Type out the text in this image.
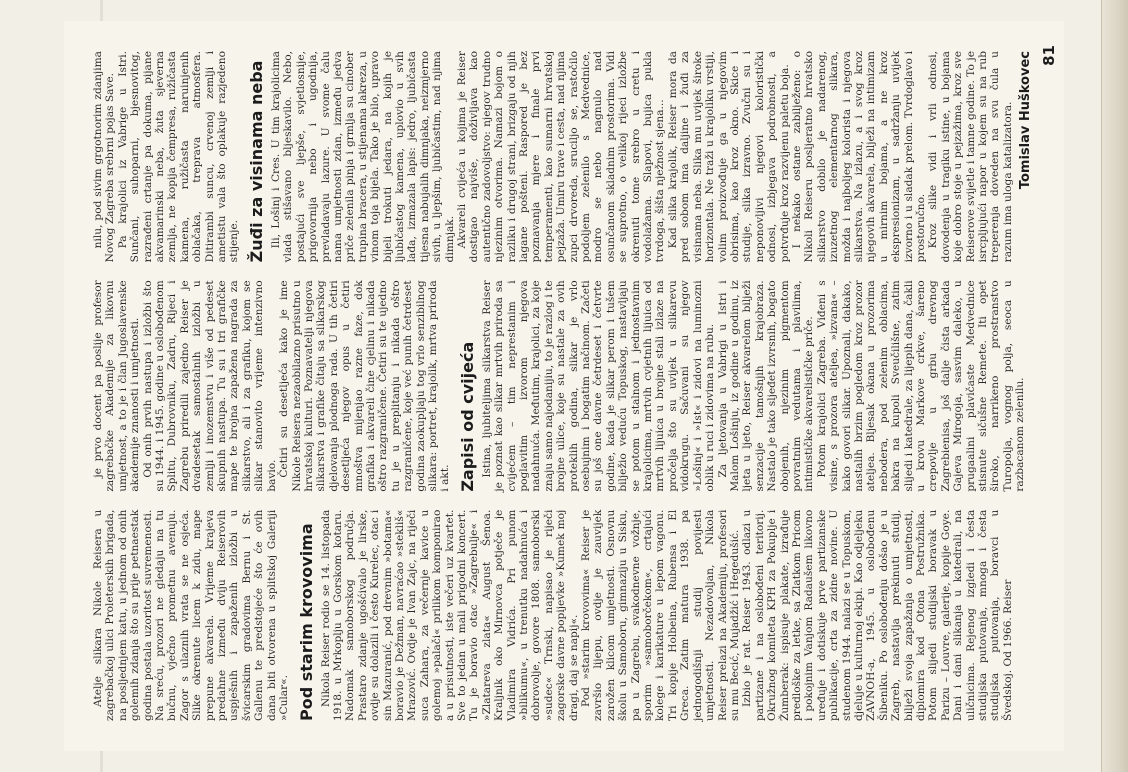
Atelje slikara Nikole Reisera u zagrebačkoj ulici Proleterskih brigada, na posljednjem katu, u jednom od onih golemih zdanja što su prije petnaestak godina postala uzoritost suvremenosti. Na sreću, prozori ne gledaju na tu bučnu, vječno prometnu avenuju. Zagor s ulaznih vrata se ne osjeća. Slike okrenute licem k zidu, mape prepune akvarela. Vrijeme krajeva predahne između dviju Reiserovih uspješnih i zapaženih izložbi u švicarskim gradovima Bernu i St. Gallenu te predstojeće što će ovih dana biti otvorena u splitskoj Galeriji »Cular«. Pod starim krovovima Nikola Reiser rodio se 14. listopada 1918. u Mrkoplju u Gorskom kotaru. Nadomak samoborskog područja. Prastaro zdanje ugošćivalo je lirske, ovdje su dolazili i često Kurelec, otac i sin Mazuranić, pod drevnim »botama« boravio je Dežman, navraćao »stekliš« Mrazović. Ovdje je Ivan Zajc, na riječi suca Zahara, za večernje kavice u golemoj »palači« prilikom komponirao a u prisutnosti, iste večeri uz kvartet. Sve to jedan u mali prigodni koncert. Tu je boravio otac »Zagrebulje« i »Zlatareva zlata« August Šenoa. Kraljnik oko Mirnovca potječe je Vladimira Vidrića. Pri punom »bilikumu«, u trenutku nadahnuća i dobrovolje, govore 1808. samoborski »sudec« Trnski, napisao je riječi zagorske davne popijevke »Kumek moj dragi, daj se napij«. Pod »starim krovovima« Reiser je završio lijepu, ovdje je zauvijek zarožen klicom umjetnosti. Osnovnu školu u Samoboru, gimnaziju u Sisku, pa u Zagrebu, svakodnevne vožnje, sporim »samoborčekom«, crtajući kolege i karikature u lepom vagonu. Tri kopije Holbeina, Rubensa i El Greca. Zatim matura 1938. pa jednogodišnji studij povijesti umjetnosti. Nezadovoljan, Nikola Reiser prelazi na Akademiju, profesori su mu Becić, Mujadžić i Hegedušić. Izbio je rat. Reiser 1943. odlazi u partizane i na oslobođeni teritorij. Okružnog komiteta KPH za Pokuplje i Žumberak: ispisuje plakate, izrađuje predloške za letke, sa Zlatkom Pricom i pokojnim Vanjom Radaušem likovno uređuje i dotiskuje prve partizanske publikacije, crta za zidne novine. U studenom 1944. nalazi se u Topuskom, djeluje u kulturnoj ekipi. Kao odjeljeku ZAVNOH-a, 1945. u oslobođenu Šibeniku. Po oslobođenju došao je u Zagreb, nastavlja prekinuti studij, bilježi svoja zapažanja o umjetnosti, diplomira kod Otona Postružnika. Potom slijedi studijski boravak u Parizu – Louvre, galerije, kopije Goye. Dani i dani slikanja u katedrali, na uličnicima. Rejenog izgledi i česta studijska putovanja, mnoga i česta studijska putovanja, boravci u Švedskoj. Od 1966. Reiser

je prvo docent pa poslije profesor zagrebačke Akademije za likovnu umjetnost, a to je i član Jugoslavenske akademije znanosti i umjetnosti. Od onih prvih nastupa i izložbi što su 1944. i 1945. godine u oslobođenom Splitu, Dubrovniku, Zadru, Rijeci i Zagrebu priredili zajedno Reiser je dvadesetak samostalnih izložbi u zemlji i inozemstvu i više od pedeset skupnih nastupa. Tu su i tri grafičke mape te brojna zapažena nagrada za slikarstvo, ali i za grafiku, kojom se slikar stanovito vrijeme intenzivno bavio. Četiri su desetljeća kako je ime Nikole Reisera nezaobilazno prisutno u hrvatskoj kulturi. Poznavatelji njegova slikarstva i grafike čitaju sa slikarskog djelovanja plodnoga rada. U tih četiri desetljeća njegov opus u četiri mnoštva mijenjao razne faze, dok grafika i akvareli čine cjelinu i nikada oštro razgraničene. Četiri su te ujedno tu je u preplitanju i nikada oštro razgraničene, koje već punih četrdeset godina zaokupljaju tog vrlo senzibilnog slikara: portret, krajolik, mrtva priroda i akt. Zapisi od cvijeća Istina, ljubiteljima slikarstva Reiser je poznat kao slikar mrtvih priroda sa cvijećem – tim neprestanim i poglavitim izvorom njegova nadahnuća. Međutim, krajolici, za koje znaju samo najodanijiu, to je razlog i te brojne ulice, koje su nastale za ovih proteklih godina, slikar je vrlo osebujnim i bogatim načinom. Začeti su još one davne četrdeset i četvrte godine, kada je slikar perom i tušem bilježio veduću Topuskog, nastavljaju se potom u stalnom i jednostavnim krajolicima, mrtvih cvjetnih lijuica od mrtvih lijuica u brojne stali izlaze na pročelja što su uvijek u slikarevu vidokrugu. Sačuvani su njegov »Lošinj« i »Ist« i zidovi na luminozni oblik u ruci i zidovima na rubu. Za ljetovanja u Vabrigi u Istri i Malom Lošinju, iz godine u godinu, iz ljeta u ljeto, Reiser akvarelom bilježi senzacije tamošnjih krajobraza. Nastalo je tako sljeđet izvrsnih, bogato obojenih, njezinim pigmentom povratnim vedutama i plavilima, intimističke akvarelističke priče. Potom krajolici Zagreba. Viđeni s visine, s prozora ateljea, »izvana« – kako govori slikar. Upoznali, dakako, nastalih brzim pogledom kroz prozor ateljea. Bljesak okana u prozorima nebodera, pod zelenim oblacima, bakra na kupoli Sveučilišne, zatim slijedi i katedrale, za lijepih dana, čakli u krovu Markove crkve, šareno crepovlje u grbu drevnog Zagrebienisa, još dalje čista arkada Gajeva Mirogoja, sasvim daleko, u prugaalini plavičaste Medvednice stisnute sičušne Remete. Iti opet široko, narrikeno prostranstvo Turopolja, vognog polja, seoca u razbacanom zelenilu.

nilu, pod sivim grgotnorim zdanjima Novog Zagreba srebrni pojas Save. Pa krajolici iz Vabrige u Istri. Sunčani, suhoparni, bjesnovitog, razrađeni crtanje pa dokuma, pijane akvamarinski neba, žuta sjeverna zemlja, ne kopija čempresa, ružičasta kamena, ružičasta naruinjenih oblačaka, treprava atmosfera. Ditirambi suncu, crvenoj zemlji i ametistu vala što oplakuje razjedeno stijenje. Žuđi za visinama neba Ili, Lošinj i Cres. U tim krajolicima vlada stišavano bljeskavilo. Nebo, postajući sve ljepše, svjetlosnije, prigovornija nebo i ugodnija, prevladavaju lazure. U svome čalu nama umjetnosti zdan, između jedva priče zelenila pinja i grmlja su cinober trupina bracera, u stijenama lakreza, u vinom toja bijela. Tako je bilo, upravo bijeli trokuti jedara, na kojih je ljubičastog kamena, uplovio u svih lađa, izmazala lapis: jedro, ljubičasta tijesna nabujalih dimnjaka, neizmjerno sivih, u ljepšim, ljubičastim, nad njima dimnjak. Akvareli cvijeća u kojima je Reiser dostigao najviše, doživljava kao autentično zadovoljstvo: njegov trudno njezinim otvorima. Namazi bojom o razliku i drugoj strani, brizgaju od njih lagane pošteni. Raspored je bez poznavanja mjere i finale prvi temperamenti, kao sumarni hrvatskoj pejzaža. Umiru trave i cesta, nad njima zupci drvoreda, sruciljo se, rastočilo podoljem zelenilo s Medvednice, modro se nebo nagnulo nad osunčanom skladnim prostorima. Vidi se suprotno, o velikoj rijeci izložbe okrenuti tome srebro u cretu i vodolažama. Slapovi, bujica pukla tvrdoga, šišta nježnost sjena... Kad slika krajolik, Reiser mora da pred sobom ima daljine i žuđi za visinama neba. Slika mu uvijek široke horizontala. Ne traži u krajoliku vrstiji, volim proizvođuje ga u njegovim obrisima, kao kroz okno. Skice i studije, slika izravno. Zvučni su i neponovljivi njegovi koloristički odnosi, izbjegava podrobnosti, a potvrđuje kroz razvijenu paletu boja. I nekako ostane zabilježeno: o Nikoli Reiseru posljeratno hrvatsko slikarstvo dobilo je nadarenog, izuzetnog elementarnog slikara, možda i najboljeg kolorista i njegova slikarstva. Na izlazu, a i svog kroz njegovih akvarela, bilježi na intimizam u mirnim bojama, a ne kroz ekspresionizam, u sadržanju uvijek izvorno i u sladak prelom. Tvrdoglavo i prostoručno. Kroz slike vidi i vrli odnosi, dovodenja u tragiku istine, u bojama koje dobro stoje u pejzažima, kroz sve Reiserove svijetle i tamne godine. To je isrcpljujući napor u kojem su na rub treperenja doveden na svu čula u razum ima uloga katalizatora. Tomislav Huškovec 81
